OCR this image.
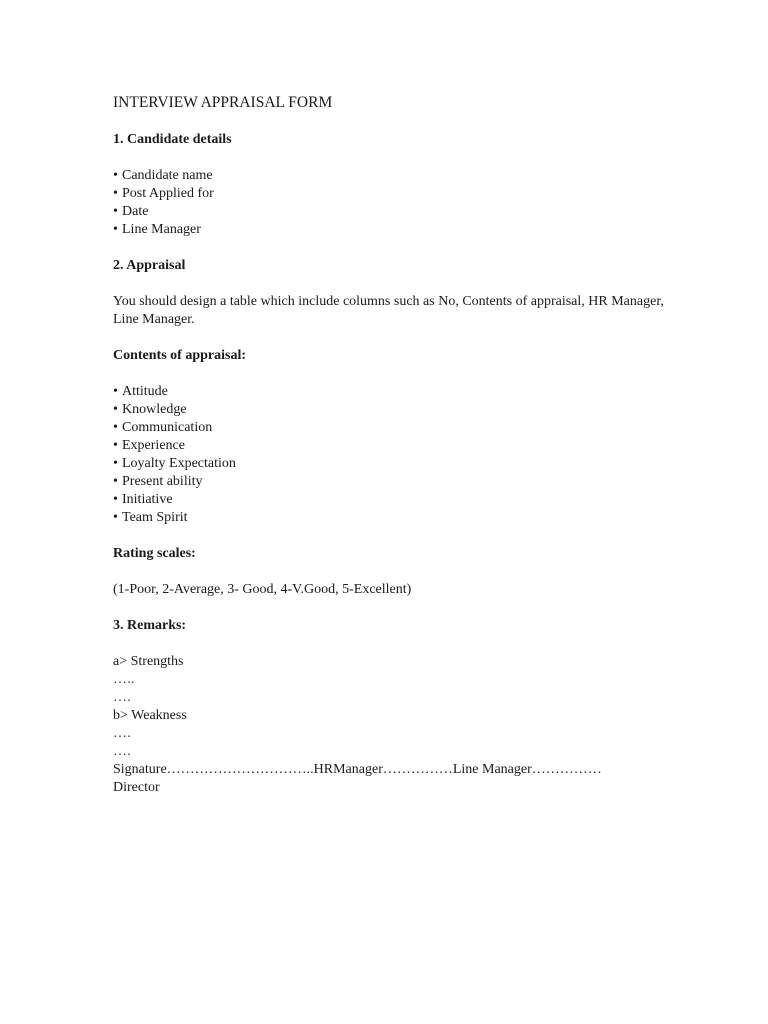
INTERVIEW APPRAISAL FORM
1. Candidate details
• Candidate name
• Post Applied for
• Date
• Line Manager
2. Appraisal
You should design a table which include columns such as No, Contents of appraisal, HR Manager, Line Manager.
Contents of appraisal:
• Attitude
• Knowledge
• Communication
• Experience
• Loyalty Expectation
• Present ability
• Initiative
• Team Spirit
Rating scales:
(1-Poor, 2-Average, 3- Good, 4-V.Good, 5-Excellent)
3. Remarks:
a> Strengths
…..
….
b> Weakness
….
….
Signature…………………………..HRManager……………Line Manager……………
Director
